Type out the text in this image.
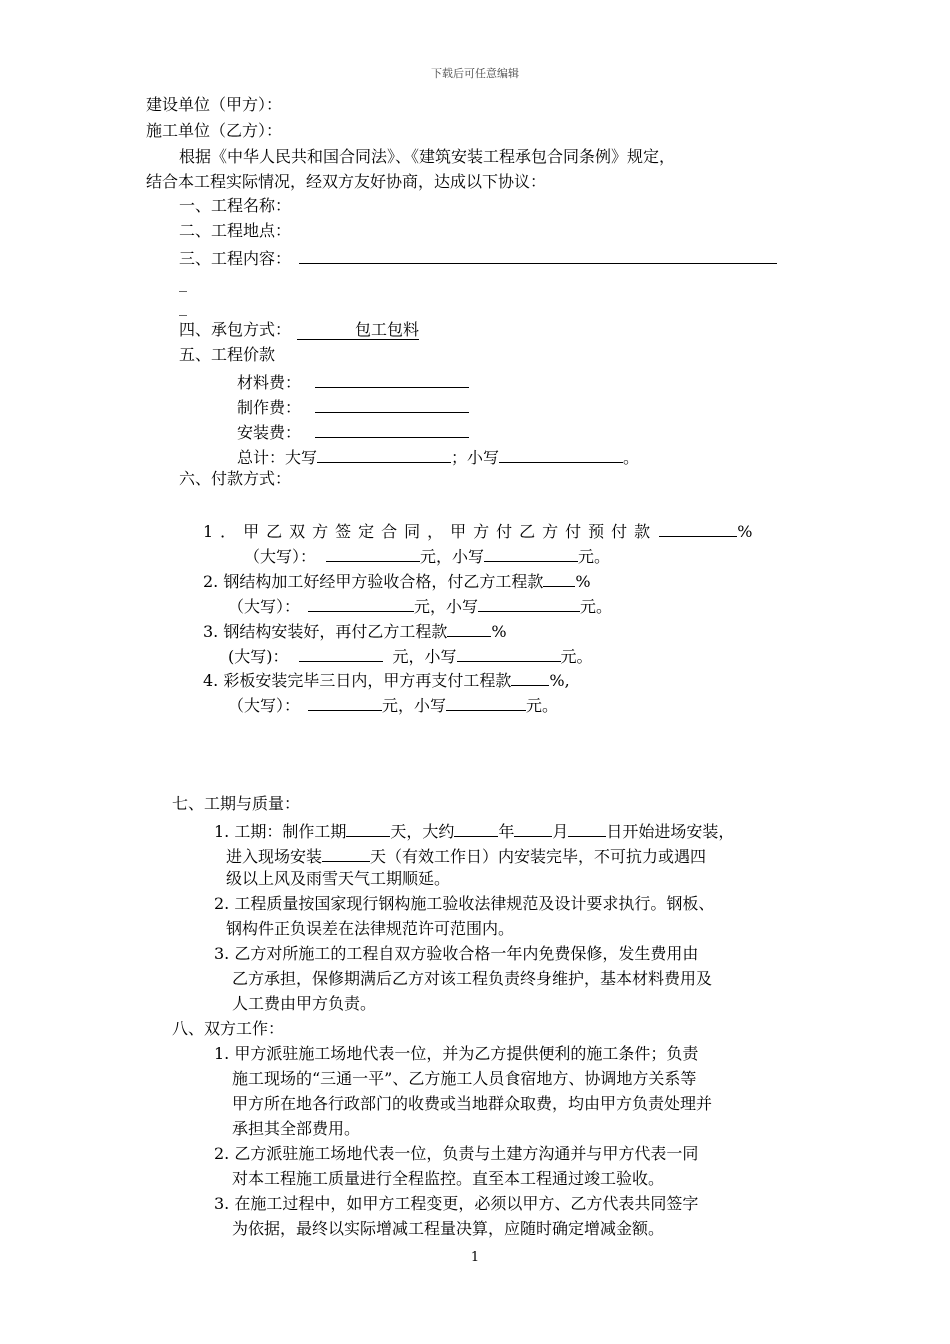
下载后可任意编辑
建设单位（甲方）：
施工单位（乙方）：
根据《中华人民共和国合同法》、《建筑安装工程承包合同条例》规定，
结合本工程实际情况，经双方友好协商，达成以下协议：
一、工程名称：
二、工程地点：
三、工程内容：
_
_
四、承包方式：	包工包料
五、工程价款
材料费：
制作费：
安装费：
总计：大写	；小写	。
六、付款方式：
1．甲乙双方签定合同，甲方付乙方付预付款	%
（大写）：	元，小写	元。
2. 钢结构加工好经甲方验收合格，付乙方工程款 %
（大写）：	元，小写	元。
3. 钢结构安装好，再付乙方工程款	%
(大写)：	元，小写	元。
4. 彩板安装完毕三日内，甲方再支付工程款 %,
（大写）：	元，小写	元。
七、工期与质量：
1. 工期：制作工期	天，大约	年 月 日开始进场安装，
进入现场安装	天（有效工作日）内安装完毕，不可抗力或遇四
级以上风及雨雪天气工期顺延。
2. 工程质量按国家现行钢构施工验收法律规范及设计要求执行。钢板、
钢构件正负误差在法律规范许可范围内。
3. 乙方对所施工的工程自双方验收合格一年内免费保修，发生费用由
乙方承担，保修期满后乙方对该工程负责终身维护，基本材料费用及
人工费由甲方负责。
八、双方工作：
1. 甲方派驻施工场地代表一位，并为乙方提供便利的施工条件；负责
施工现场的“三通一平”、乙方施工人员食宿地方、协调地方关系等
甲方所在地各行政部门的收费或当地群众取费，均由甲方负责处理并
承担其全部费用。
2. 乙方派驻施工场地代表一位，负责与土建方沟通并与甲方代表一同
对本工程施工质量进行全程监控。直至本工程通过竣工验收。
3. 在施工过程中，如甲方工程变更，必须以甲方、乙方代表共同签字
为依据，最终以实际增减工程量决算，应随时确定增减金额。
1
